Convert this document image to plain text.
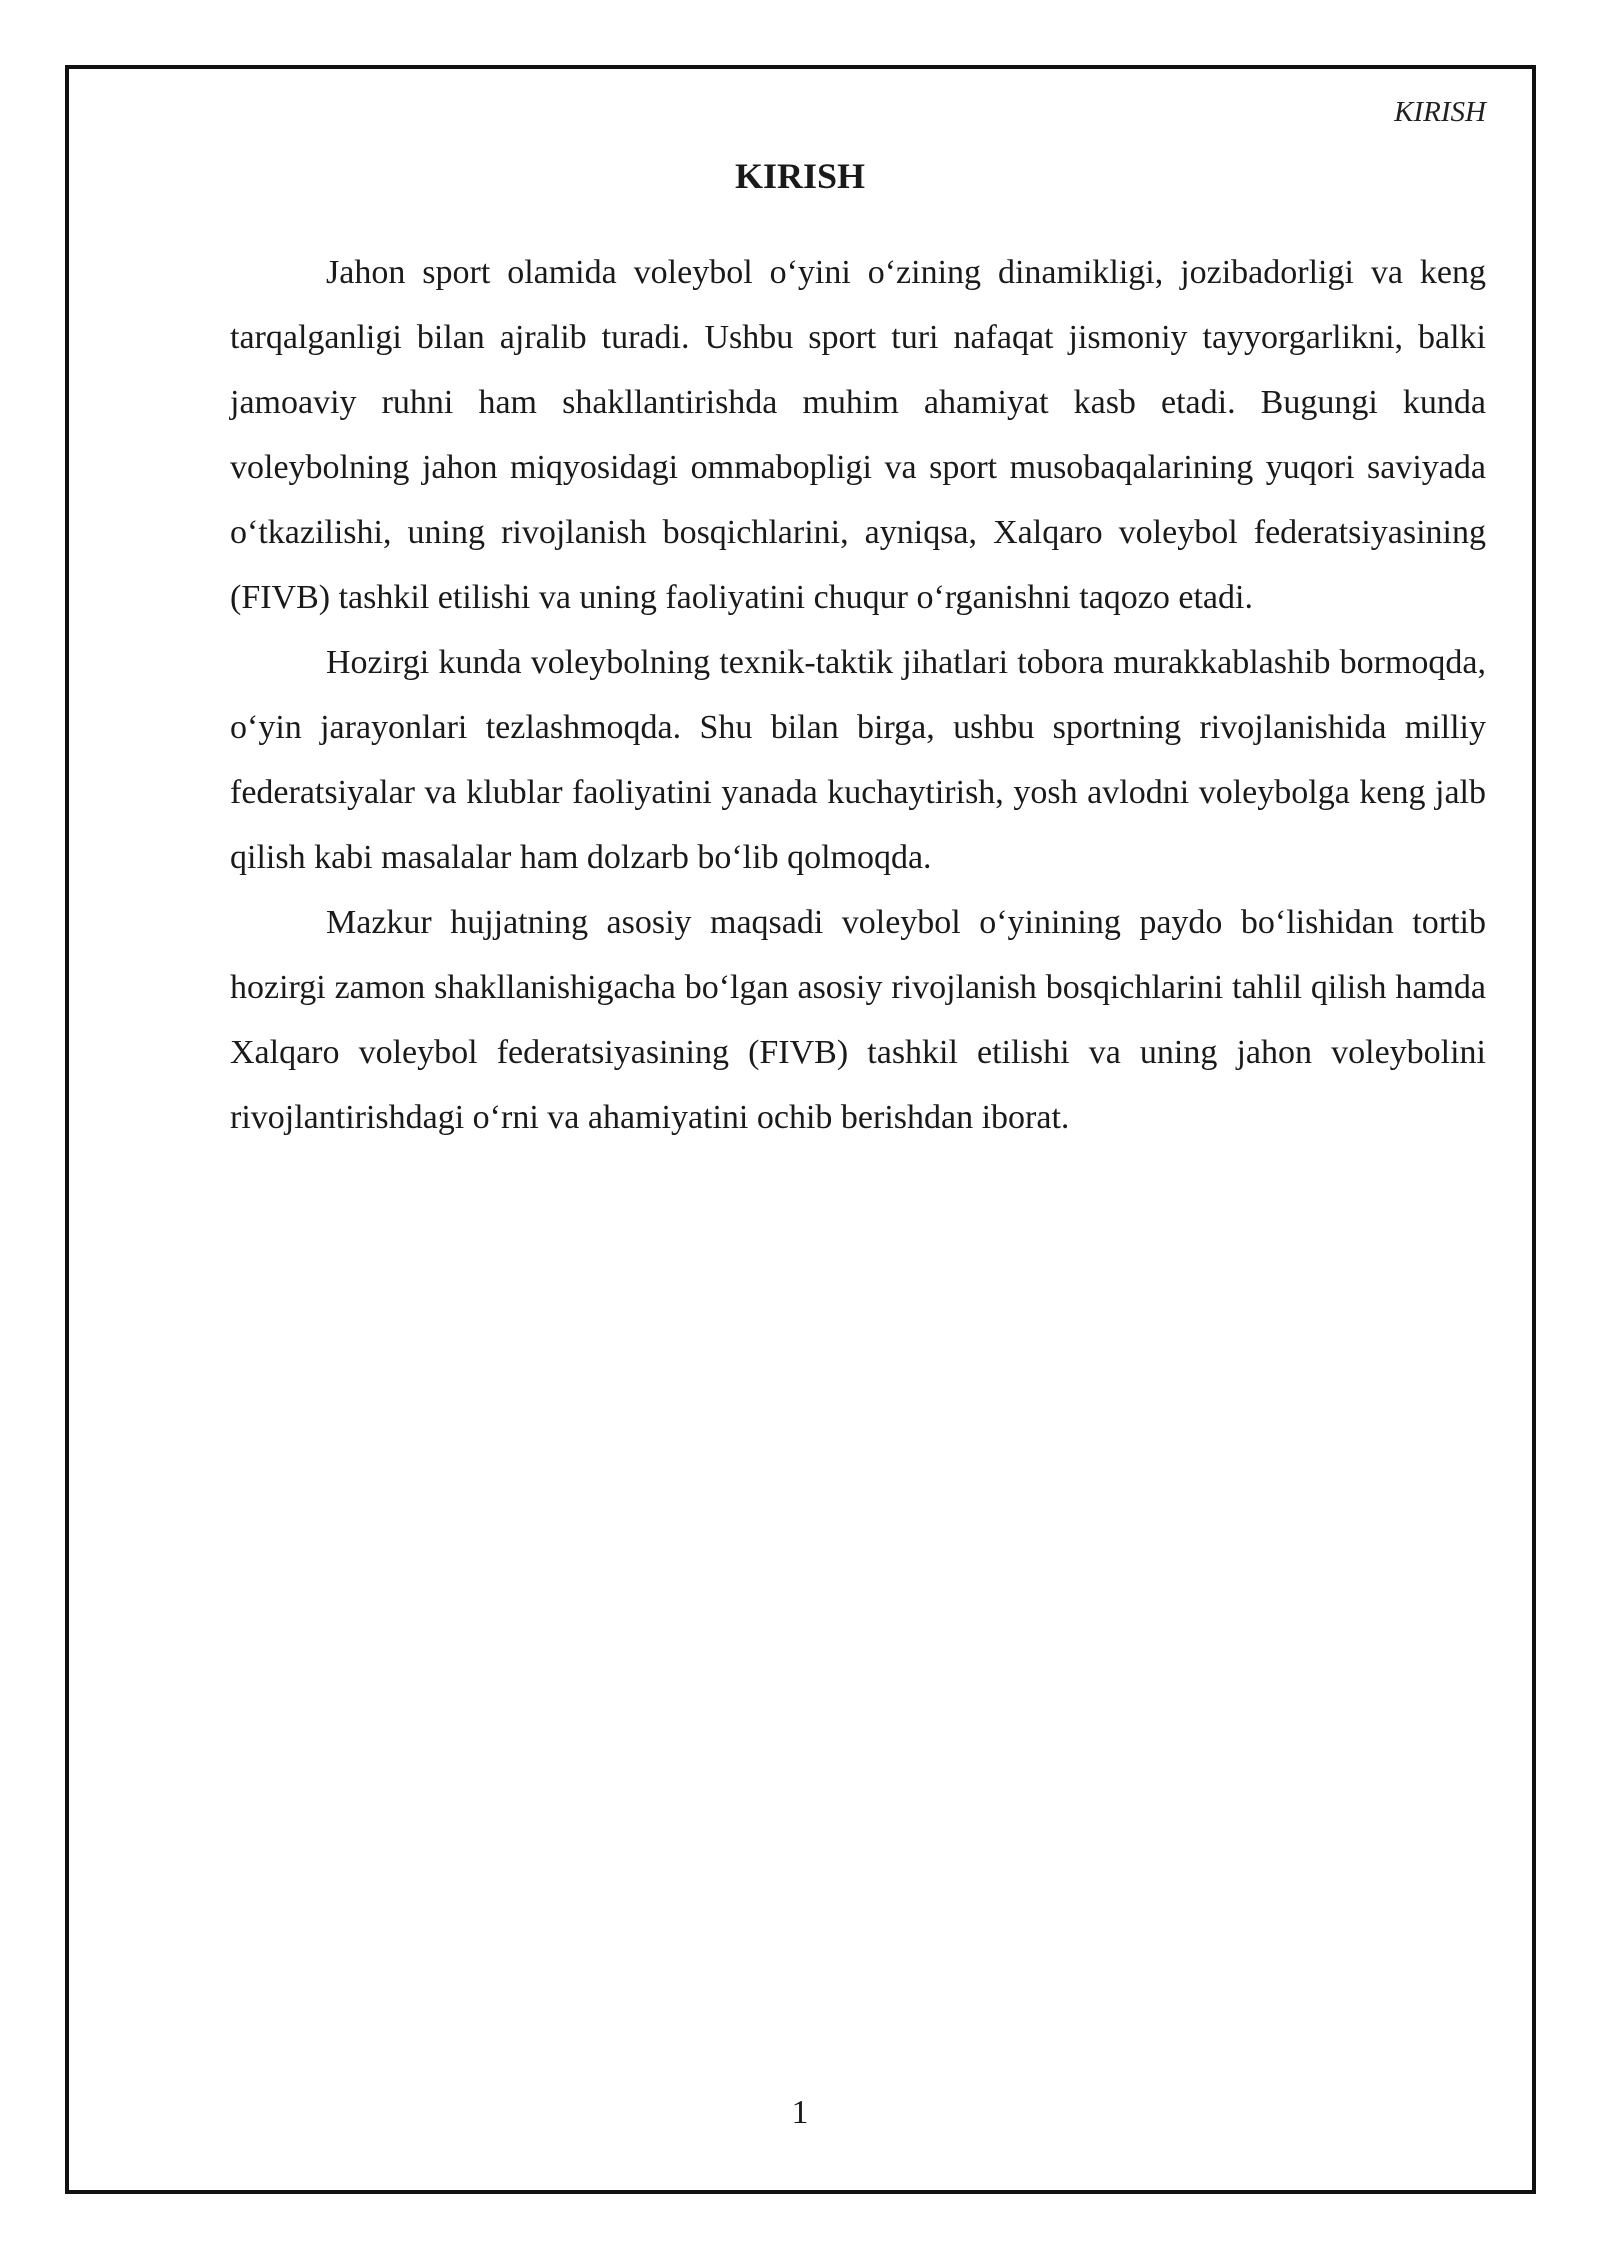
KIRISH
KIRISH

Jahon sport olamida voleybol o‘yini o‘zining dinamikligi, jozibadorligi va keng tarqalganligi bilan ajralib turadi. Ushbu sport turi nafaqat jismoniy tayyorgarlikni, balki jamoaviy ruhni ham shakllantirishda muhim ahamiyat kasb etadi. Bugungi kunda voleybolning jahon miqyosidagi ommabopligi va sport musobaqalarining yuqori saviyada o‘tkazilishi, uning rivojlanish bosqichlarini, ayniqsa, Xalqaro voleybol federatsiyasining (FIVB) tashkil etilishi va uning faoliyatini chuqur o‘rganishni taqozo etadi.

Hozirgi kunda voleybolning texnik-taktik jihatlari tobora murakkablashib bormoqda, o‘yin jarayonlari tezlashmoqda. Shu bilan birga, ushbu sportning rivojlanishida milliy federatsiyalar va klublar faoliyatini yanada kuchaytirish, yosh avlodni voleybolga keng jalb qilish kabi masalalar ham dolzarb bo‘lib qolmoqda.

Mazkur hujjatning asosiy maqsadi voleybol o‘yinining paydo bo‘lishidan tortib hozirgi zamon shakllanishigacha bo‘lgan asosiy rivojlanish bosqichlarini tahlil qilish hamda Xalqaro voleybol federatsiyasining (FIVB) tashkil etilishi va uning jahon voleybolini rivojlantirishdagi o‘rni va ahamiyatini ochib berishdan iborat.

1
